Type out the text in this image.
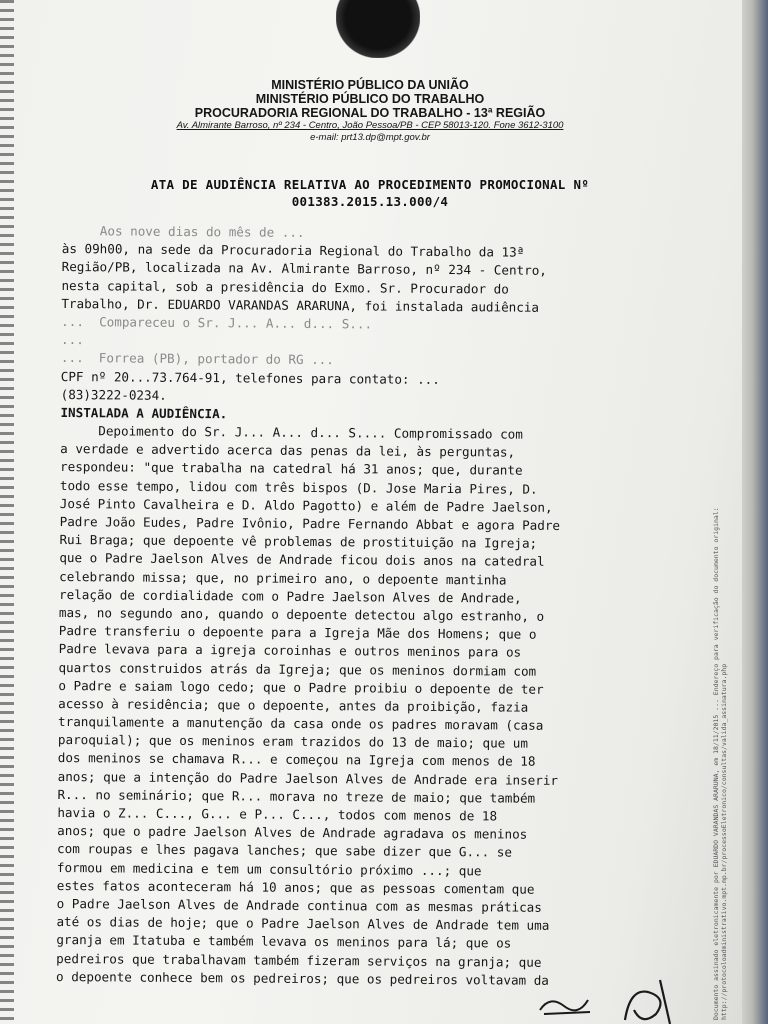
MINISTÉRIO PÚBLICO DA UNIÃO
MINISTÉRIO PÚBLICO DO TRABALHO
PROCURADORIA REGIONAL DO TRABALHO - 13ª REGIÃO
Av. Almirante Barroso, nº 234 - Centro, João Pessoa/PB - CEP 58013-120. Fone 3612-3100
e-mail: prt13.dp@mpt.gov.br
ATA DE AUDIÊNCIA RELATIVA AO PROCEDIMENTO PROMOCIONAL Nº
001383.2015.13.000/4
Aos nove dias do mês de ...
às 09h00, na sede da Procuradoria Regional do Trabalho da 13ª
Região/PB, localizada na Av. Almirante Barroso, nº 234 - Centro,
nesta capital, sob a presidência do Exmo. Sr. Procurador do
Trabalho, Dr. EDUARDO VARANDAS ARARUNA, foi instalada audiência
...  Compareceu o Sr. J... A... d... S...
...
...  Forrea (PB), portador do RG ...
CPF nº 20...73.764-91, telefones para contato: ...
(83)3222-0234.
INSTALADA A AUDIÊNCIA.
Depoimento do Sr. J... A... d... S.... Compromissado com
a verdade e advertido acerca das penas da lei, às perguntas,
respondeu: "que trabalha na catedral há 31 anos; que, durante
todo esse tempo, lidou com três bispos (D. Jose Maria Pires, D.
José Pinto Cavalheira e D. Aldo Pagotto) e além de Padre Jaelson,
Padre João Eudes, Padre Ivônio, Padre Fernando Abbat e agora Padre
Rui Braga; que depoente vê problemas de prostituição na Igreja;
que o Padre Jaelson Alves de Andrade ficou dois anos na catedral
celebrando missa; que, no primeiro ano, o depoente mantinha
relação de cordialidade com o Padre Jaelson Alves de Andrade,
mas, no segundo ano, quando o depoente detectou algo estranho, o
Padre transferiu o depoente para a Igreja Mãe dos Homens; que o
Padre levava para a igreja coroinhas e outros meninos para os
quartos construidos atrás da Igreja; que os meninos dormiam com
o Padre e saiam logo cedo; que o Padre proibiu o depoente de ter
acesso à residência; que o depoente, antes da proibição, fazia
tranquilamente a manutenção da casa onde os padres moravam (casa
paroquial); que os meninos eram trazidos do 13 de maio; que um
dos meninos se chamava R... e começou na Igreja com menos de 18
anos; que a intenção do Padre Jaelson Alves de Andrade era inserir
R... no seminário; que R... morava no treze de maio; que também
havia o Z... C..., G... e P... C..., todos com menos de 18
anos; que o padre Jaelson Alves de Andrade agradava os meninos
com roupas e lhes pagava lanches; que sabe dizer que G... se
formou em medicina e tem um consultório próximo ...; que
estes fatos aconteceram há 10 anos; que as pessoas comentam que
o Padre Jaelson Alves de Andrade continua com as mesmas práticas
até os dias de hoje; que o Padre Jaelson Alves de Andrade tem uma
granja em Itatuba e também levava os meninos para lá; que os
pedreiros que trabalhavam também fizeram serviços na granja; que
o depoente conhece bem os pedreiros; que os pedreiros voltavam da	Documento assinado eletronicamente por EDUARDO VARANDAS ARARUNA, em 18/11/2015 ... Endereço para verificação do documento original: http://protocoloadministrativo.mpt.mp.br/processoEletronico/consultas/valida_assinatura.php
